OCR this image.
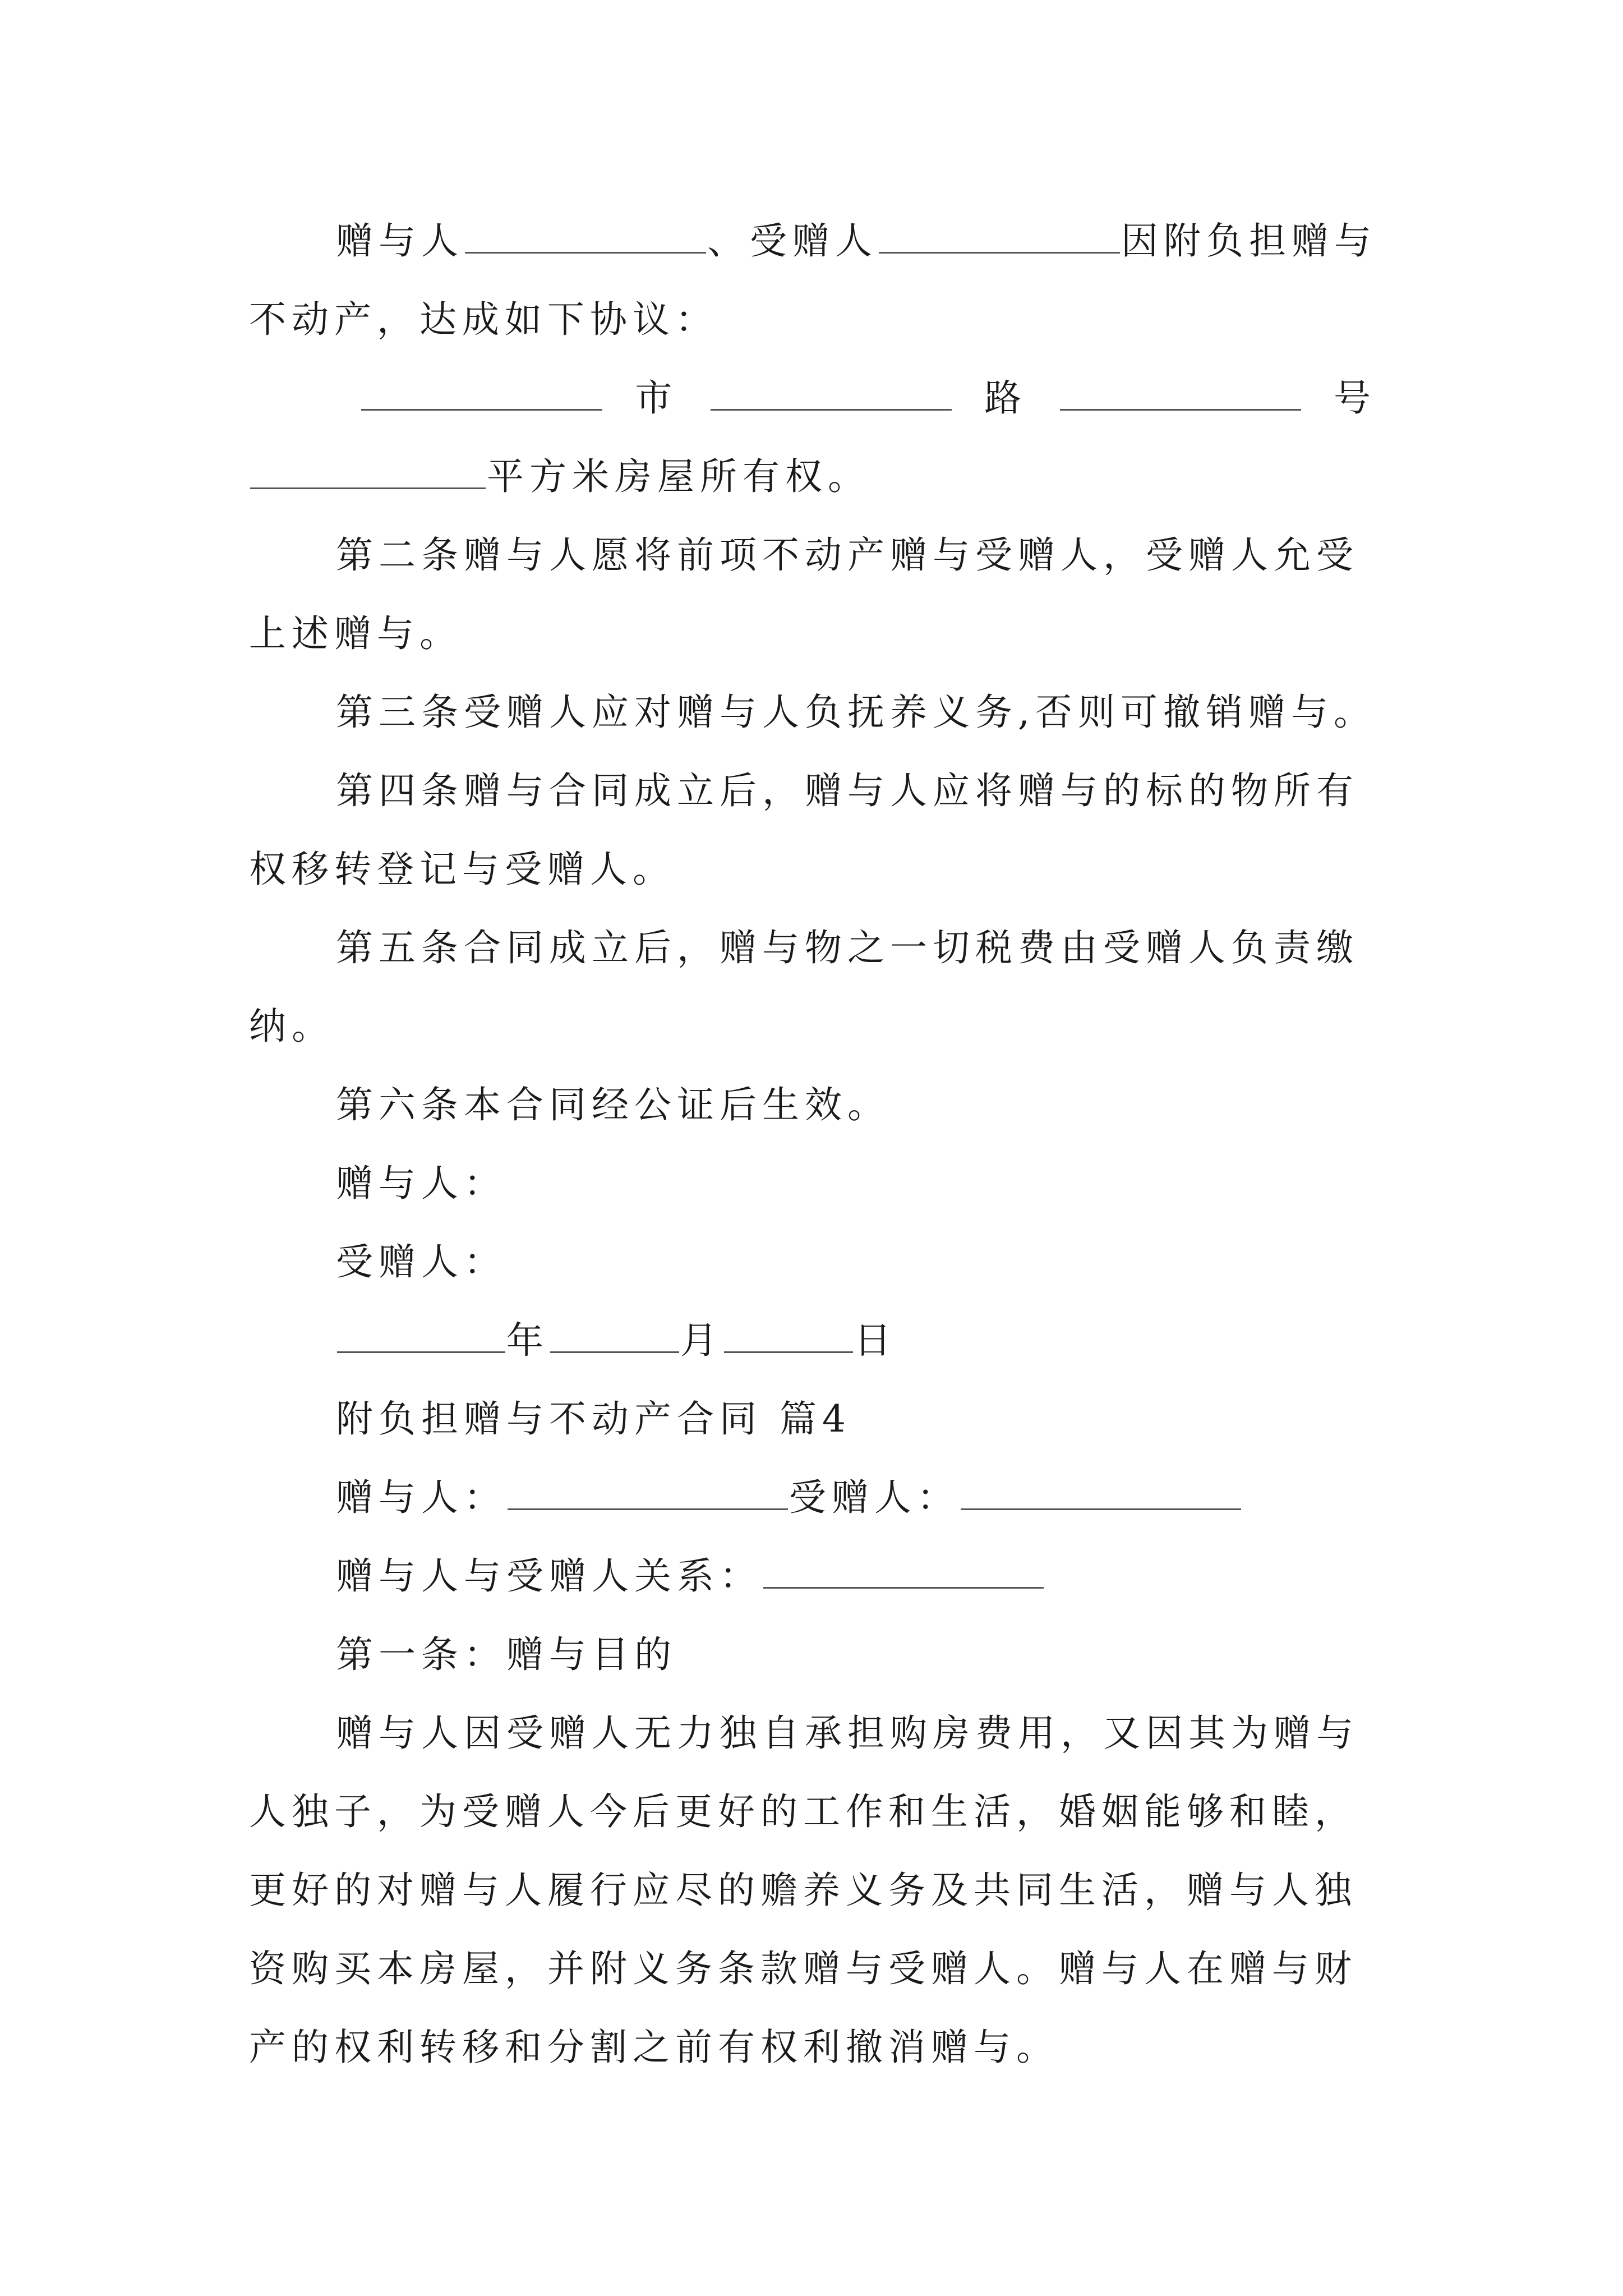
赠与人	、受赠人	因附负担赠与
不动产，达成如下协议：
市	路	号
平方米房屋所有权。
第二条赠与人愿将前项不动产赠与受赠人，受赠人允受
上述赠与。
第三条受赠人应对赠与人负抚养义务,否则可撤销赠与。
第四条赠与合同成立后，赠与人应将赠与的标的物所有
权移转登记与受赠人。
第五条合同成立后，赠与物之一切税费由受赠人负责缴
纳。
第六条本合同经公证后生效。
赠与人：
受赠人：
年	月	日
附负担赠与不动产合同 篇4
赠与人：	受赠人：
赠与人与受赠人关系：
第一条：赠与目的
赠与人因受赠人无力独自承担购房费用，又因其为赠与
人独子，为受赠人今后更好的工作和生活，婚姻能够和睦，
更好的对赠与人履行应尽的赡养义务及共同生活，赠与人独
资购买本房屋，并附义务条款赠与受赠人。赠与人在赠与财
产的权利转移和分割之前有权利撤消赠与。
